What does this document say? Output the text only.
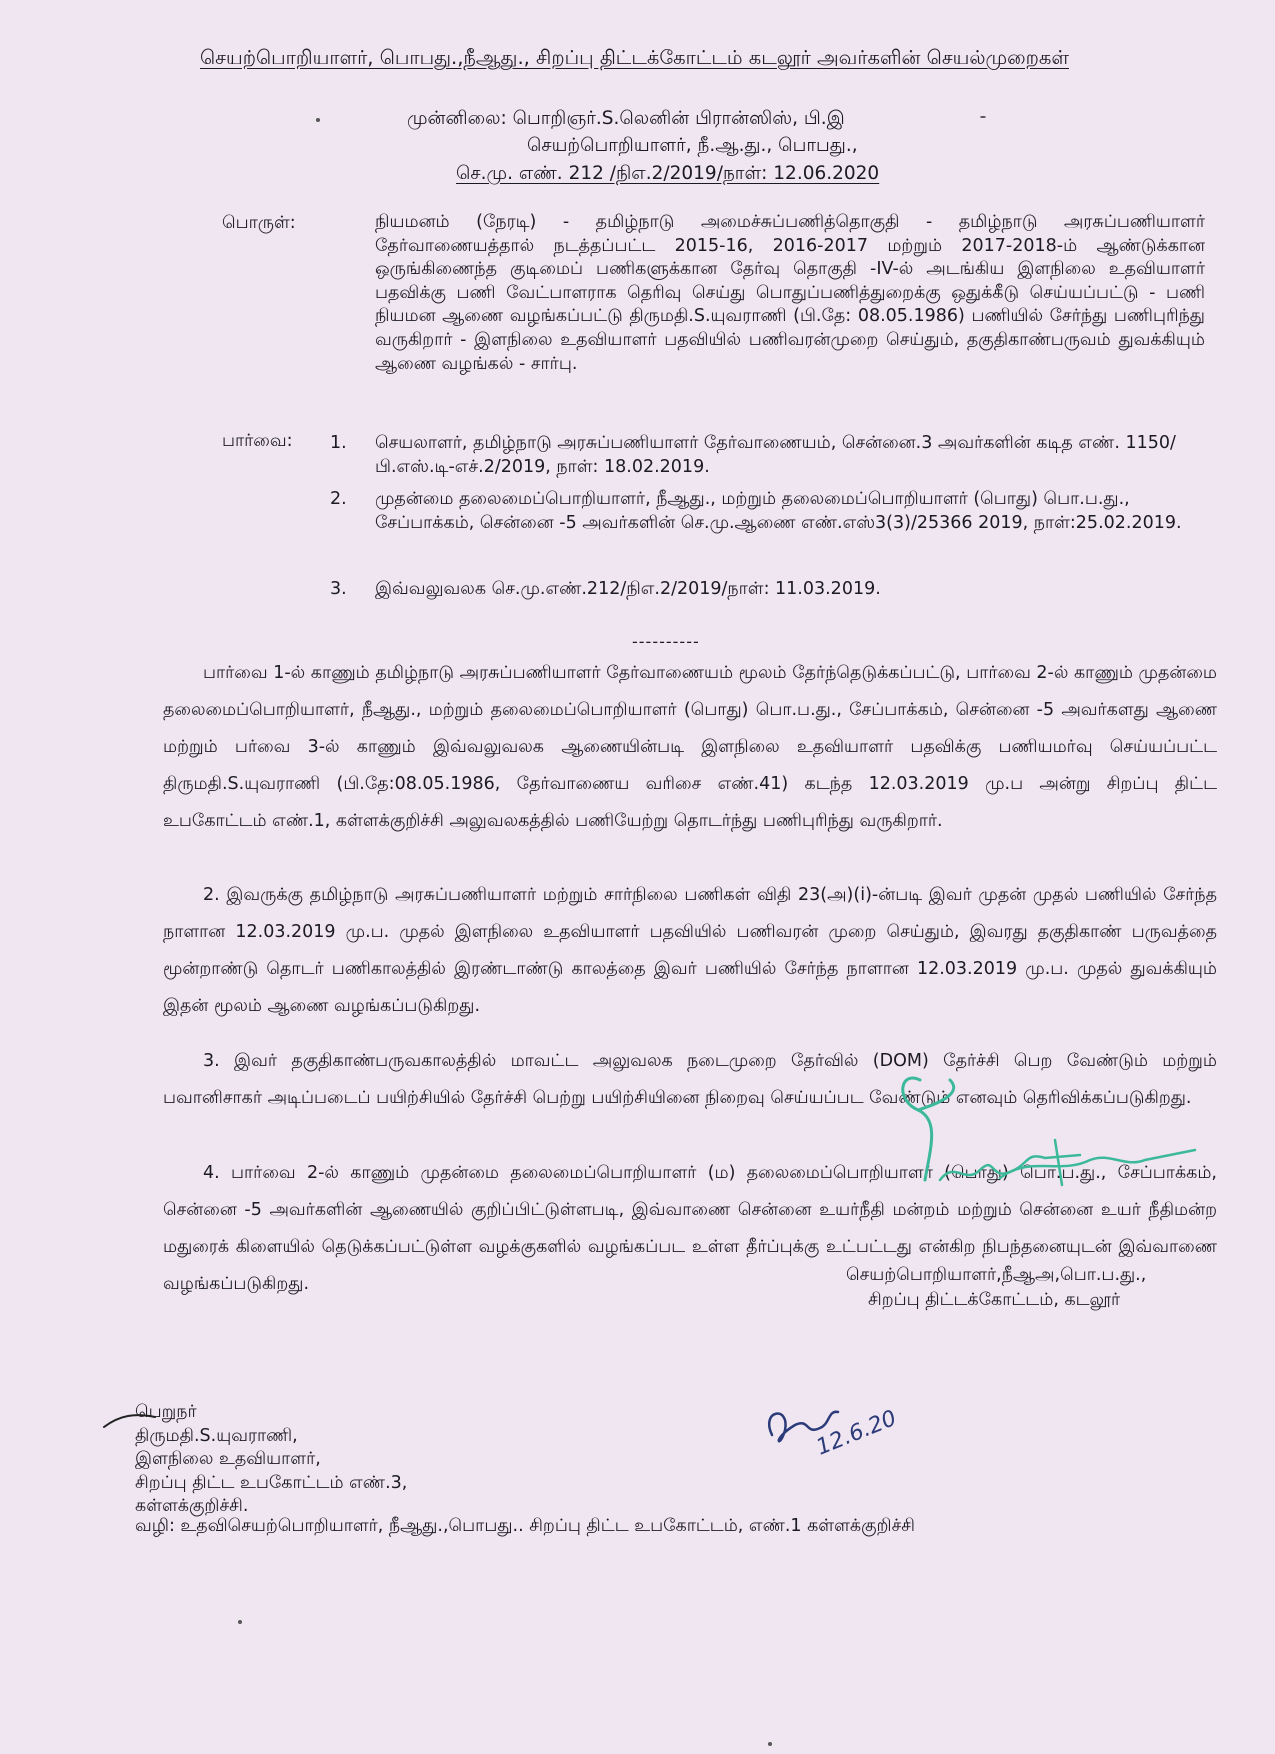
செயற்பொறியாளர், பொபது.,நீஆது., சிறப்பு திட்டக்கோட்டம் கடலூர் அவர்களின் செயல்முறைகள்
முன்னிலை: பொறிஞர்.S.லெனின் பிரான்ஸிஸ், பி.இ
செயற்பொறியாளர், நீ.ஆ.து., பொபது.,
செ.மு. எண். 212 /நிஎ.2/2019/நாள்: 12.06.2020
பொருள்:	நியமனம் (நேரடி) - தமிழ்நாடு அமைச்சுப்பணித்தொகுதி - தமிழ்நாடு அரசுப்பணியாளர் தேர்வாணையத்தால் நடத்தப்பட்ட 2015-16, 2016-2017 மற்றும் 2017-2018-ம் ஆண்டுக்கான ஒருங்கிணைந்த குடிமைப் பணிகளுக்கான தேர்வு தொகுதி -IV-ல் அடங்கிய இளநிலை உதவியாளர் பதவிக்கு பணி வேட்பாளராக தெரிவு செய்து பொதுப்பணித்துறைக்கு ஒதுக்கீடு செய்யப்பட்டு - பணி நியமன ஆணை வழங்கப்பட்டு திருமதி.S.யுவராணி (பி.தே: 08.05.1986) பணியில் சேர்ந்து பணிபுரிந்து வருகிறார் - இளநிலை உதவியாளர் பதவியில் பணிவரன்முறை செய்தும், தகுதிகாண்பருவம் துவக்கியும் ஆணை வழங்கல் - சார்பு.
பார்வை: 1.	செயலாளர், தமிழ்நாடு அரசுப்பணியாளர் தேர்வாணையம், சென்னை.3 அவர்களின் கடித எண். 1150/பி.எஸ்.டி-எச்.2/2019, நாள்: 18.02.2019.
2.	முதன்மை தலைமைப்பொறியாளர், நீஆது., மற்றும் தலைமைப்பொறியாளர் (பொது) பொ.ப.து., சேப்பாக்கம், சென்னை -5 அவர்களின் செ.மு.ஆணை எண்.எஸ்3(3)/25366 2019, நாள்:25.02.2019.
3.	இவ்வலுவலக செ.மு.எண்.212/நிஎ.2/2019/நாள்: 11.03.2019.
----------
பார்வை 1-ல் காணும் தமிழ்நாடு அரசுப்பணியாளர் தேர்வாணையம் மூலம் தேர்ந்தெடுக்கப்பட்டு, பார்வை 2-ல் காணும் முதன்மை தலைமைப்பொறியாளர், நீஆது., மற்றும் தலைமைப்பொறியாளர் (பொது) பொ.ப.து., சேப்பாக்கம், சென்னை -5 அவர்களது ஆணை மற்றும் பர்வை 3-ல் காணும் இவ்வலுவலக ஆணையின்படி இளநிலை உதவியாளர் பதவிக்கு பணியமர்வு செய்யப்பட்ட திருமதி.S.யுவராணி (பி.தே:08.05.1986, தேர்வாணைய வரிசை எண்.41) கடந்த 12.03.2019 மு.ப அன்று சிறப்பு திட்ட உபகோட்டம் எண்.1, கள்ளக்குறிச்சி அலுவலகத்தில் பணியேற்று தொடர்ந்து பணிபுரிந்து வருகிறார்.
2. இவருக்கு தமிழ்நாடு அரசுப்பணியாளர் மற்றும் சார்நிலை பணிகள் விதி 23(அ)(i)-ன்படி இவர் முதன் முதல் பணியில் சேர்ந்த நாளான 12.03.2019 மு.ப. முதல் இளநிலை உதவியாளர் பதவியில் பணிவரன் முறை செய்தும், இவரது தகுதிகாண் பருவத்தை மூன்றாண்டு தொடர் பணிகாலத்தில் இரண்டாண்டு காலத்தை இவர் பணியில் சேர்ந்த நாளான 12.03.2019 மு.ப. முதல் துவக்கியும் இதன் மூலம் ஆணை வழங்கப்படுகிறது.
3. இவர் தகுதிகாண்பருவகாலத்தில் மாவட்ட அலுவலக நடைமுறை தேர்வில் (DOM) தேர்ச்சி பெற வேண்டும் மற்றும் பவானிசாகர் அடிப்படைப் பயிற்சியில் தேர்ச்சி பெற்று பயிற்சியினை நிறைவு செய்யப்பட வேண்டும் எனவும் தெரிவிக்கப்படுகிறது.
4. பார்வை 2-ல் காணும் முதன்மை தலைமைப்பொறியாளர் (ம) தலைமைப்பொறியாளர் (பொது) பொ.ப.து., சேப்பாக்கம், சென்னை -5 அவர்களின் ஆணையில் குறிப்பிட்டுள்ளபடி, இவ்வாணை சென்னை உயர்நீதி மன்றம் மற்றும் சென்னை உயர் நீதிமன்ற மதுரைக் கிளையில் தெடுக்கப்பட்டுள்ள வழக்குகளில் வழங்கப்பட உள்ள தீர்ப்புக்கு உட்பட்டது என்கிற நிபந்தனையுடன் இவ்வாணை வழங்கப்படுகிறது.	செயற்பொறியாளர்,நீஆஅ,பொ.ப.து.,
சிறப்பு திட்டக்கோட்டம், கடலூர்
12.6.20
பெறுநர்
திருமதி.S.யுவராணி,
இளநிலை உதவியாளர்,
சிறப்பு திட்ட உபகோட்டம் எண்.3,
கள்ளக்குறிச்சி.
வழி: உதவிசெயற்பொறியாளர், நீஆது.,பொபது.. சிறப்பு திட்ட உபகோட்டம், எண்.1 கள்ளக்குறிச்சி
